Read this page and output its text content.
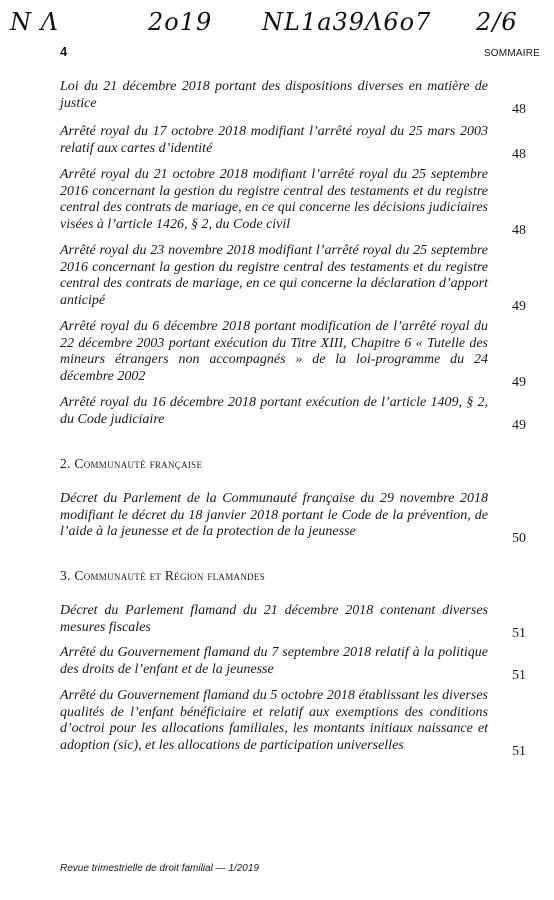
N Λ	2o19 NL1a39Λ6o7 2/6
4	SOMMAIRE
Loi du 21 décembre 2018 portant des dispositions diverses en matière de justice	48
Arrêté royal du 17 octobre 2018 modifiant l’arrêté royal du 25 mars 2003 relatif aux cartes d’identité	48
Arrêté royal du 21 octobre 2018 modifiant l’arrêté royal du 25 septembre 2016 concernant la gestion du registre central des testaments et du registre central des contrats de mariage, en ce qui concerne les décisions judiciaires visées à l’article 1426, § 2, du Code civil	48
Arrêté royal du 23 novembre 2018 modifiant l’arrêté royal du 25 septembre 2016 concernant la gestion du registre central des testaments et du registre central des contrats de mariage, en ce qui concerne la déclaration d’apport anticipé	49
Arrêté royal du 6 décembre 2018 portant modification de l’arrêté royal du 22 décembre 2003 portant exécution du Titre XIII, Chapitre 6 « Tutelle des mineurs étrangers non accompagnés » de la loi-programme du 24 décembre 2002	49
Arrêté royal du 16 décembre 2018 portant exécution de l’article 1409, § 2, du Code judiciaire	49
2. Communauté française
Décret du Parlement de la Communauté française du 29 novembre 2018 modifiant le décret du 18 janvier 2018 portant le Code de la prévention, de l’aide à la jeunesse et de la protection de la jeunesse	50
3. Communauté et Région flamandes
Décret du Parlement flamand du 21 décembre 2018 contenant diverses mesures fiscales	51
Arrêté du Gouvernement flamand du 7 septembre 2018 relatif à la politique des droits de l’enfant et de la jeunesse	51
Arrêté du Gouvernement flamand du 5 octobre 2018 établissant les diverses qualités de l’enfant bénéficiaire et relatif aux exemptions des conditions d’octroi pour les allocations familiales, les montants initiaux naissance et adoption (sic), et les allocations de participation universelles	51
Revue trimestrielle de droit familial — 1/2019
